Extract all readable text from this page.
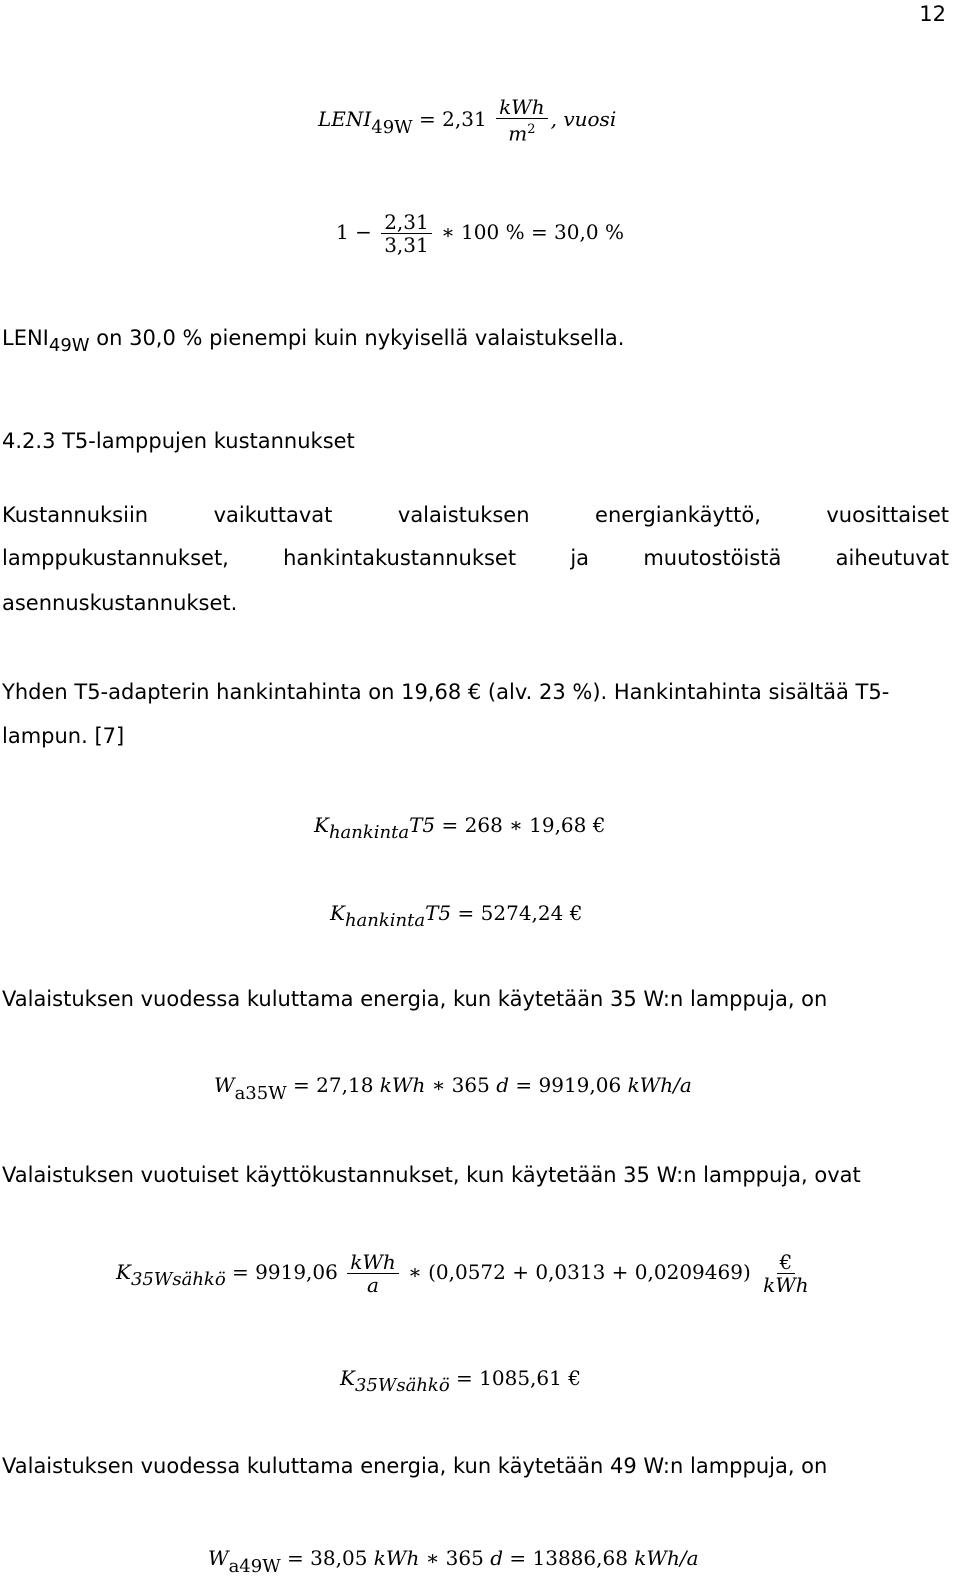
12
LENI49W = $2,31 \frac{\text{kWh}}{m^2}$ , vuosi
$1 - \frac{2,31}{3,31}$ ∗ 100 % = 30,0 %
LENI49W on 30,0 % pienempi kuin nykyisellä valaistuksella.
4.2.3 T5-lamppujen kustannukset
Kustannuksiin	vaikuttavat	valaistuksen	energiankäyttö,	vuosittaiset
lamppukustannukset,	hankintakustannukset	ja	muutostöistä	aiheutuvat
asennuskustannukset.
Yhden T5-adapterin hankintahinta on 19,68 € (alv. 23 %). Hankintahinta sisältää T5-
lampun. [7]
KhankintaT5 = 268 ∗ 19,68 €
KhankintaT5 = 5274,24 €
Valaistuksen vuodessa kuluttama energia, kun käytetään 35 W:n lamppuja, on
Wa35W = 27,18 kWh ∗ 365 d = 9919,06 kWh/a
Valaistuksen vuotuiset käyttökustannukset, kun käytetään 35 W:n lamppuja, ovat
K35Wsähkö = $9919,06 \frac{\text{kWh}}{a}$ ∗ $(0,0572 + 0,0313 + 0,0209469) \frac{€}{\text{kWh}}$
K35Wsähkö = 1085,61 €
Valaistuksen vuodessa kuluttama energia, kun käytetään 49 W:n lamppuja, on
Wa49W = 38,05 kWh ∗ 365 d = 13886,68 kWh/a
